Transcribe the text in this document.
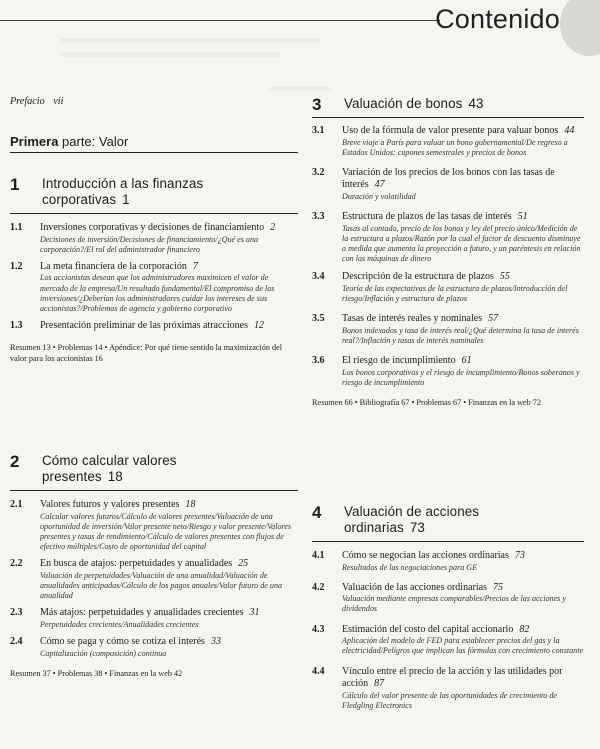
Contenido
Prefacio vii
Primera parte: Valor
1 Introducción a las finanzas corporativas 1
1.1 Inversiones corporativas y decisiones de financiamiento 2
Decisiones de inversión/Decisiones de financiamiento/¿Qué es una corporación?/El rol del administrador financiero
1.2 La meta financiera de la corporación 7
Los accionistas desean que los administradores maximicen el valor de mercado de la empresa/Un resultado fundamental/El compromiso de las inversiones/¿Deberían los administradores cuidar los intereses de sus accionistas?/Problemas de agencia y gobierno corporativo
1.3 Presentación preliminar de las próximas atracciones 12
Resumen 13 • Problemas 14 • Apéndice: Por qué tiene sentido la maximización del valor para los accionistas 16
2 Cómo calcular valores presentes 18
2.1 Valores futuros y valores presentes 18
Calcular valores futuros/Cálculo de valores presentes/Valuación de una oportunidad de inversión/Valor presente neto/Riesgo y valor presente/Valores presentes y tasas de rendimiento/Cálculo de valores presentes con flujos de efectivo múltiples/Costo de oportunidad del capital
2.2 En busca de atajos: perpetuidades y anualidades 25
Valuación de perpetuidades/Valuación de una anualidad/Valuación de anualidades anticipadas/Cálculo de los pagos anuales/Valor futuro de una anualidad
2.3 Más atajos: perpetuidades y anualidades crecientes 31
Perpetuidades crecientes/Anualidades crecientes
2.4 Cómo se paga y cómo se cotiza el interés 33
Capitalización (composición) continua
Resumen 37 • Problemas 38 • Finanzas en la web 42
3 Valuación de bonos 43
3.1 Uso de la fórmula de valor presente para valuar bonos 44
Breve viaje a París para valuar un bono gubernamental/De regreso a Estados Unidos: cupones semestrales y precios de bonos
3.2 Variación de los precios de los bonos con las tasas de interés 47
Duración y volatilidad
3.3 Estructura de plazos de las tasas de interés 51
Tasas al contado, precio de los bonos y ley del precio único/Medición de la estructura a plazos/Razón por la cual el factor de descuento disminuye a medida que aumenta la proyección a futuro, y un paréntesis en relación con las máquinas de dinero
3.4 Descripción de la estructura de plazos 55
Teoría de las expectativas de la estructura de plazos/Introducción del riesgo/Inflación y estructura de plazos
3.5 Tasas de interés reales y nominales 57
Bonos indexados y tasa de interés real/¿Qué determina la tasa de interés real?/Inflación y tasas de interés nominales
3.6 El riesgo de incumplimiento 61
Los bonos corporativos y el riesgo de incumplimiento/Bonos soberanos y riesgo de incumplimiento
Resumen 66 • Bibliografía 67 • Problemas 67 • Finanzas en la web 72
4 Valuación de acciones ordinarias 73
4.1 Cómo se negocian las acciones ordinarias 73
Resultados de las negociaciones para GE
4.2 Valuación de las acciones ordinarias 75
Valuación mediante empresas comparables/Precios de las acciones y dividendos
4.3 Estimación del costo del capital accionario 82
Aplicación del modelo de FED para establecer precios del gas y la electricidad/Peligros que implican las fórmulas con crecimiento constante
4.4 Vínculo entre el precio de la acción y las utilidades por acción 87
Cálculo del valor presente de las oportunidades de crecimiento de Fledgling Electronics
